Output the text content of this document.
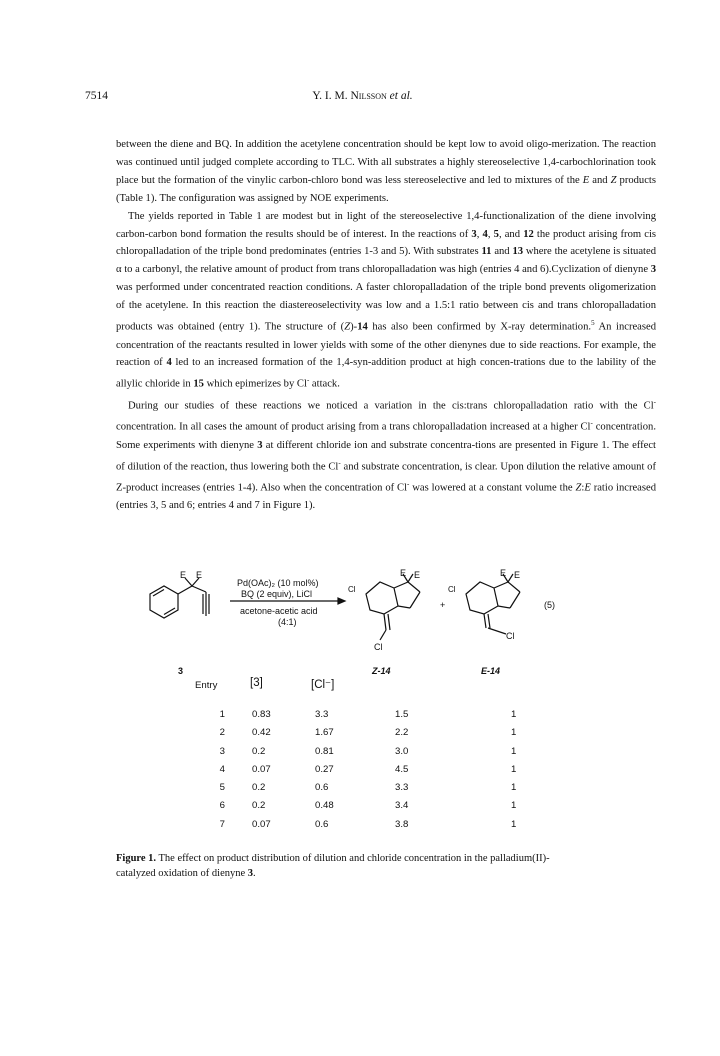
7514	Y. I. M. Nilsson et al.

between the diene and BQ. In addition the acetylene concentration should be kept low to avoid oligo-merization. The reaction was continued until judged complete according to TLC. With all substrates a highly stereoselective 1,4-carbochlorination took place but the formation of the vinylic carbon-chloro bond was less stereoselective and led to mixtures of the E and Z products (Table 1). The configuration was assigned by NOE experiments.

The yields reported in Table 1 are modest but in light of the stereoselective 1,4-functionalization of the diene involving carbon-carbon bond formation the results should be of interest. In the reactions of 3, 4, 5, and 12 the product arising from cis chloropalladation of the triple bond predominates (entries 1-3 and 5). With substrates 11 and 13 where the acetylene is situated α to a carbonyl, the relative amount of product from trans chloropalladation was high (entries 4 and 6).Cyclization of dienyne 3 was performed under concentrated reaction conditions. A faster chloropalladation of the triple bond prevents oligomerization of the acetylene. In this reaction the diastereoselectivity was low and a 1.5:1 ratio between cis and trans chloropalladation products was obtained (entry 1). The structure of (Z)-14 has also been confirmed by X-ray determination.$^5$ An increased concentration of the reactants resulted in lower yields with some of the other dienynes due to side reactions. For example, the reaction of 4 led to an increased formation of the 1,4-syn-addition product at high concen-trations due to the lability of the allylic chloride in 15 which epimerizes by Cl- attack.

During our studies of these reactions we noticed a variation in the cis:trans chloropalladation ratio with the Cl- concentration. In all cases the amount of product arising from a trans chloropalladation increased at a higher Cl- concentration. Some experiments with dienyne 3 at different chloride ion and substrate concentra-tions are presented in Figure 1. The effect of dilution of the reaction, thus lowering both the Cl- and substrate concentration, is clear. Upon dilution the relative amount of Z-product increases (entries 1-4). Also when the concentration of Cl- was lowered at a constant volume the Z:E ratio increased (entries 3, 5 and 6; entries 4 and 7 in Figure 1).

E E
Pd(OAc)₂ (10 mol%)
BQ (2 equiv), LiCl
acetone-acetic acid
(4:1)
Cl
E E
Cl
+
Cl
E E
Cl
(5)
3	Z-14	E-14
Entry	[3]	[Cl⁻]
1	0.83	3.3	1.5	1
2	0.42	1.67	2.2	1
3	0.2	0.81	3.0	1
4	0.07	0.27	4.5	1
5	0.2	0.6	3.3	1
6	0.2	0.48	3.4	1
7	0.07	0.6	3.8	1
Figure 1. The effect on product distribution of dilution and chloride concentration in the palladium(II)-catalyzed oxidation of dienyne 3.
